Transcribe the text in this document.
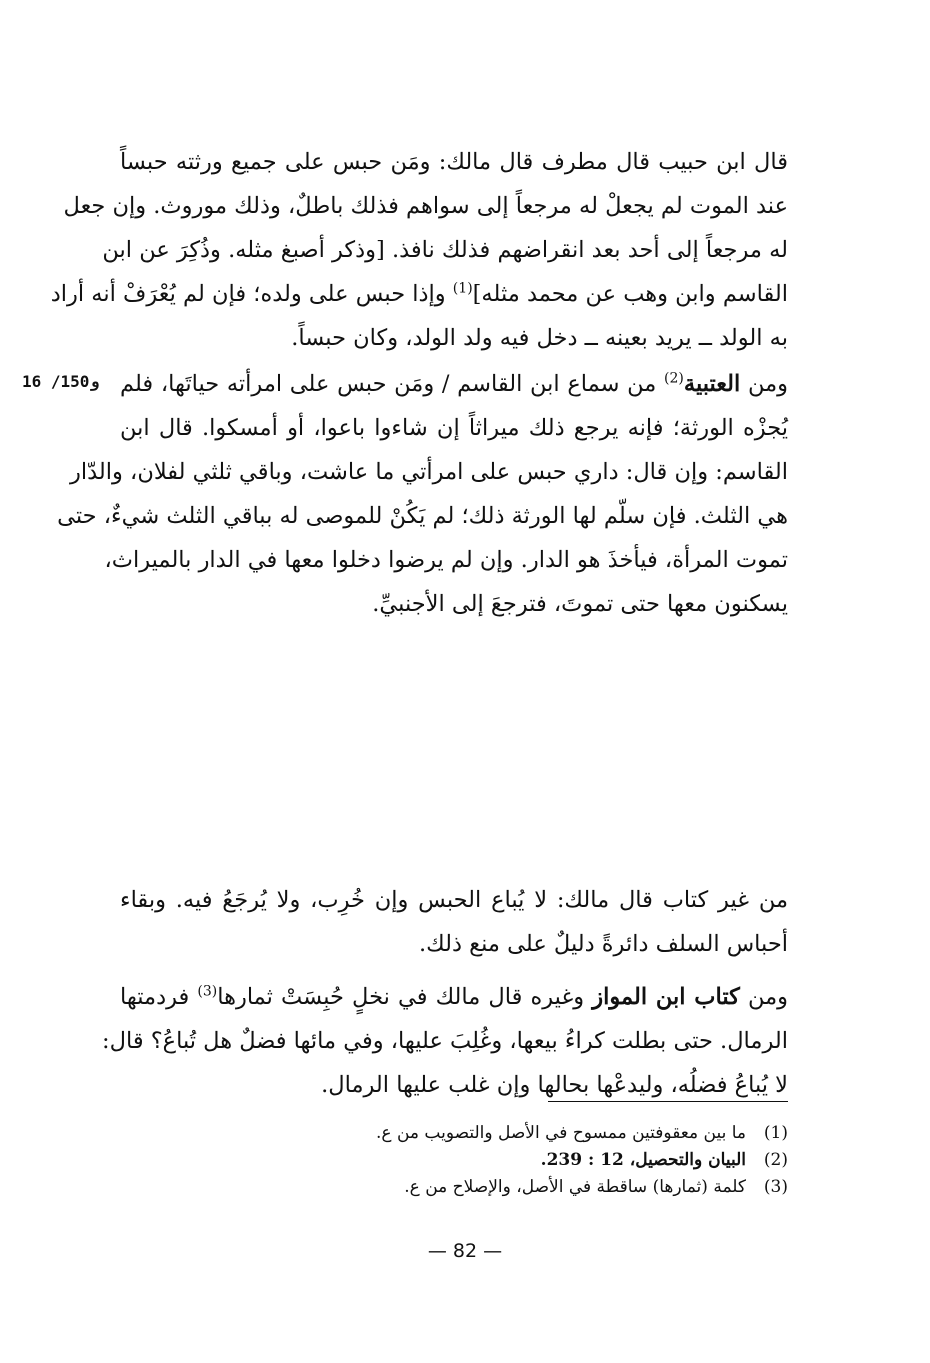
قال ابن حبيب قال مطرف قال مالك: ومَن حبس على جميع ورثته حبساً
عند الموت لم يجعلْ له مرجعاً إلى سواهم فذلك باطلٌ، وذلك موروث. وإن جعل
له مرجعاً إلى أحد بعد انقراضهم فذلك نافذ. [وذكر أصبغ مثله. وذُكِرَ عن ابن
القاسم وابن وهب عن محمد مثله]$^{(1)}$ وإذا حبس على ولده؛ فإن لم يُعْرَفْ أنه أراد
به الولد ــ يريد بعينه ــ دخل فيه ولد الولد، وكان حبساً.
16 /150و	ومن العتبية$^{(2)}$ من سماع ابن القاسم / ومَن حبس على امرأته حياتَها، فلم
يُجزْه الورثة؛ فإنه يرجع ذلك ميراثاً إن شاءوا باعوا، أو أمسكوا. قال ابن
القاسم: وإن قال: داري حبس على امرأتي ما عاشت، وباقي ثلثي لفلان، والدّار
هي الثلث. فإن سلّم لها الورثة ذلك؛ لم يَكُنْ للموصى له بباقي الثلث شيءٌ، حتى
تموت المرأة، فيأخذَ هو الدار. وإن لم يرضوا دخلوا معها في الدار بالميراث،
يسكنون معها حتى تموتَ، فترجعَ إلى الأجنبيِّ.
من غير كتاب قال مالك: لا يُباع الحبس وإن خُرِب، ولا يُرجَعُ فيه. وبقاء
أحباس السلف دائرةً دليلٌ على منع ذلك.
ومن كتاب ابن المواز وغيره قال مالك في نخلٍ حُبِسَتْ ثمارها$^{(3)}$ فردمتها
الرمال. حتى بطلت كراءُ بيعها، وغُلِبَ عليها، وفي مائها فضلٌ هل تُباعُ؟ قال:
لا يُباعُ فضلُه، وليدعْها بحالها وإن غلب عليها الرمال.
(1)ما بين معقوفتين ممسوح في الأصل والتصويب من ع.
(2)البيان والتحصيل، 12 : 239.
(3)كلمة (ثمارها) ساقطة في الأصل، والإصلاح من ع.
— 82 —
